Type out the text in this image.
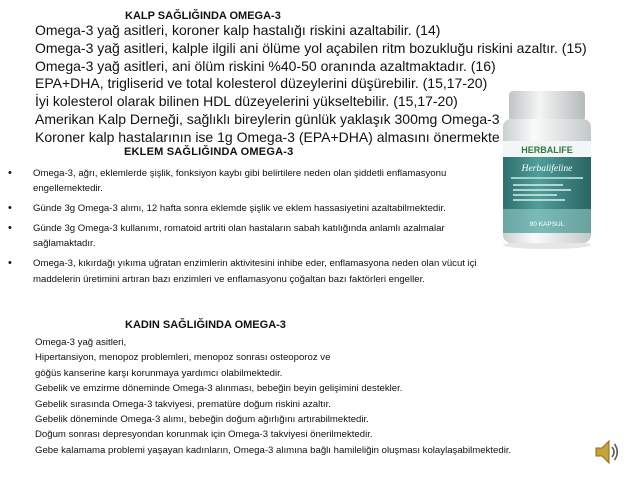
KALP SAĞLIĞINDA OMEGA-3
Omega-3 yağ asitleri, koroner kalp hastalığı riskini azaltabilir. (14)
Omega-3 yağ asitleri, kalple ilgili ani ölüme yol açabilen ritm bozukluğu riskini azaltır. (15)
Omega-3 yağ asitleri, ani ölüm riskini %40-50 oranında azaltmaktadır. (16)
EPA+DHA, trigliserid ve total kolesterol düzeylerini düşürebilir. (15,17-20)
İyi kolesterol olarak bilinen HDL düzeyelerini yükseltebilir. (15,17-20)
Amerikan Kalp Derneği, sağlıklı bireylerin günlük yaklaşık 300mg Omega-3
Koroner kalp hastalarının ise 1g Omega-3 (EPA+DHA) almasını önermekte
EKLEM SAĞLIĞINDA OMEGA-3
•	Omega-3, ağrı, eklemlerde şişlik, fonksiyon kaybı gibi belirtilere neden olan şiddetli enflamasyonu engellemektedir.
•	Günde 3g Omega-3 alımı, 12 hafta sonra eklemde şişlik ve eklem hassasiyetini azaltabilmektedir.
•	Günde 3g Omega-3 kullanımı, romatoid artriti olan hastaların sabah katılığında anlamlı azalmalar sağlamaktadır.
•	Omega-3, kıkırdağı yıkıma uğratan enzimlerin aktivitesini inhibe eder, enflamasyona neden olan vücut içi maddelerin üretimini artıran bazı enzimleri ve enflamasyonu çoğaltan bazı faktörleri engeller.
KADIN SAĞLIĞINDA OMEGA-3
Omega-3 yağ asitleri,
Hipertansiyon, menopoz problemleri, menopoz sonrası osteoporoz ve
göğüs kanserine karşı korunmaya yardımcı olabilmektedir.
Gebelik ve emzirme döneminde Omega-3 alınması, bebeğin beyin gelişimini destekler.
Gebelik sırasında Omega-3 takviyesi, prematüre doğum riskini azaltır.
Gebelik döneminde Omega-3 alımı, bebeğin doğum ağırlığını artırabilmektedir.
Doğum sonrası depresyondan korunmak için Omega-3 takviyesi önerilmektedir.
Gebe kalamama problemi yaşayan kadınların, Omega-3 alımına bağlı hamileliğin oluşması kolaylaşabilmektedir.
HERBALIFE
Herbalifeline
90 KAPSUL
